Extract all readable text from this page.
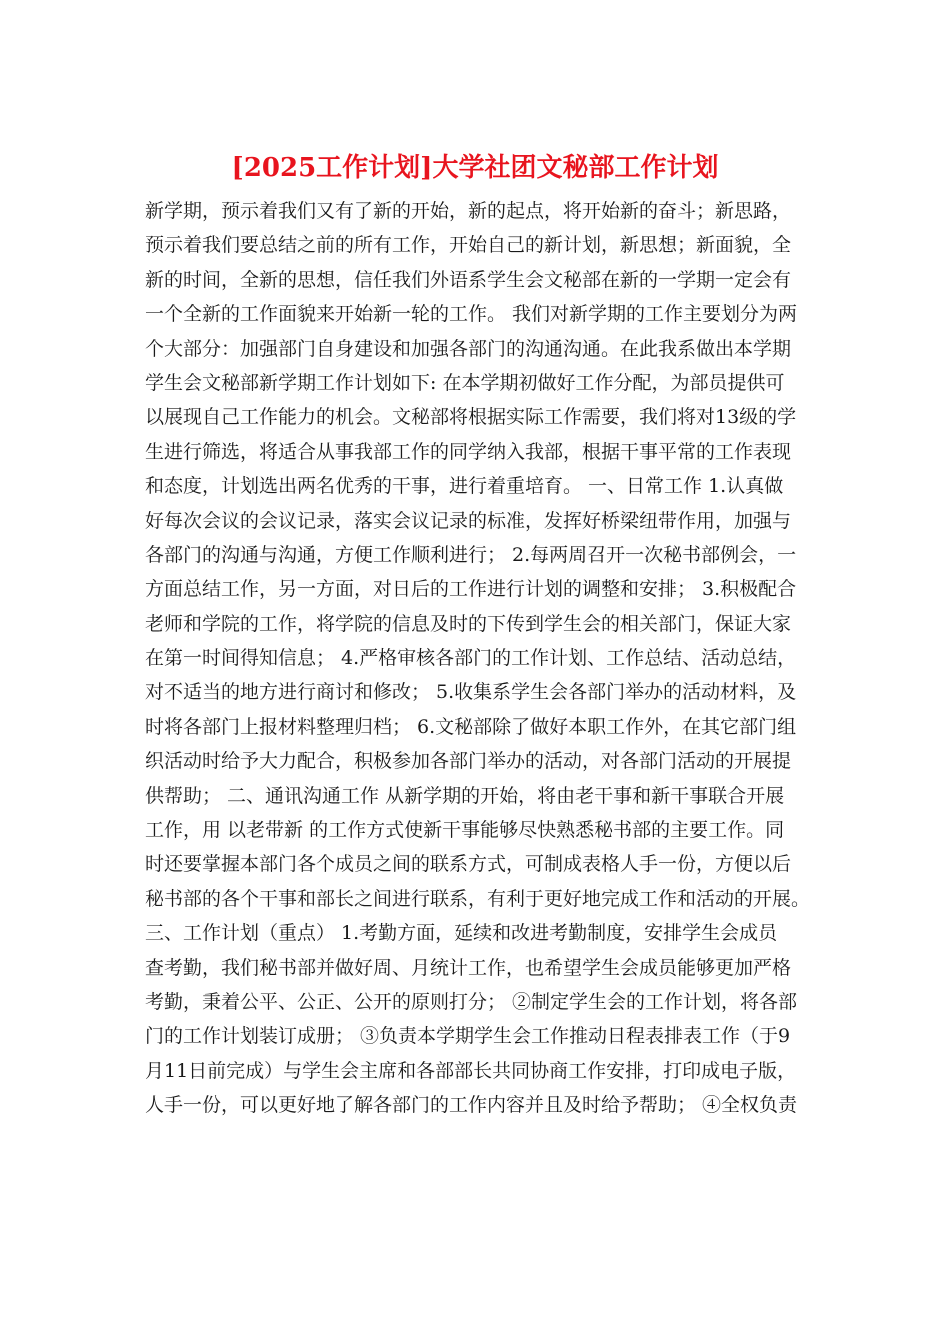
[2025工作计划]大学社团文秘部工作计划
新学期，预示着我们又有了新的开始，新的起点，将开始新的奋斗；新思路，
预示着我们要总结之前的所有工作，开始自己的新计划，新思想；新面貌，全
新的时间，全新的思想，信任我们外语系学生会文秘部在新的一学期一定会有
一个全新的工作面貌来开始新一轮的工作。 我们对新学期的工作主要划分为两
个大部分：加强部门自身建设和加强各部门的沟通沟通。在此我系做出本学期
学生会文秘部新学期工作计划如下: 在本学期初做好工作分配，为部员提供可
以展现自己工作能力的机会。文秘部将根据实际工作需要，我们将对13级的学
生进行筛选，将适合从事我部工作的同学纳入我部，根据干事平常的工作表现
和态度，计划选出两名优秀的干事，进行着重培育。 一、日常工作 1.认真做
好每次会议的会议记录，落实会议记录的标准，发挥好桥梁纽带作用，加强与
各部门的沟通与沟通，方便工作顺利进行； 2.每两周召开一次秘书部例会，一
方面总结工作，另一方面，对日后的工作进行计划的调整和安排； 3.积极配合
老师和学院的工作，将学院的信息及时的下传到学生会的相关部门，保证大家
在第一时间得知信息； 4.严格审核各部门的工作计划、工作总结、活动总结，
对不适当的地方进行商讨和修改； 5.收集系学生会各部门举办的活动材料，及
时将各部门上报材料整理归档； 6.文秘部除了做好本职工作外，在其它部门组
织活动时给予大力配合，积极参加各部门举办的活动，对各部门活动的开展提
供帮助； 二、通讯沟通工作 从新学期的开始，将由老干事和新干事联合开展
工作，用 以老带新 的工作方式使新干事能够尽快熟悉秘书部的主要工作。同
时还要掌握本部门各个成员之间的联系方式，可制成表格人手一份，方便以后
秘书部的各个干事和部长之间进行联系，有利于更好地完成工作和活动的开展。
三、工作计划（重点） 1.考勤方面，延续和改进考勤制度，安排学生会成员
查考勤，我们秘书部并做好周、月统计工作，也希望学生会成员能够更加严格
考勤，秉着公平、公正、公开的原则打分； ②制定学生会的工作计划，将各部
门的工作计划装订成册； ③负责本学期学生会工作推动日程表排表工作（于9
月11日前完成）与学生会主席和各部部长共同协商工作安排，打印成电子版，
人手一份，可以更好地了解各部门的工作内容并且及时给予帮助； ④全权负责
